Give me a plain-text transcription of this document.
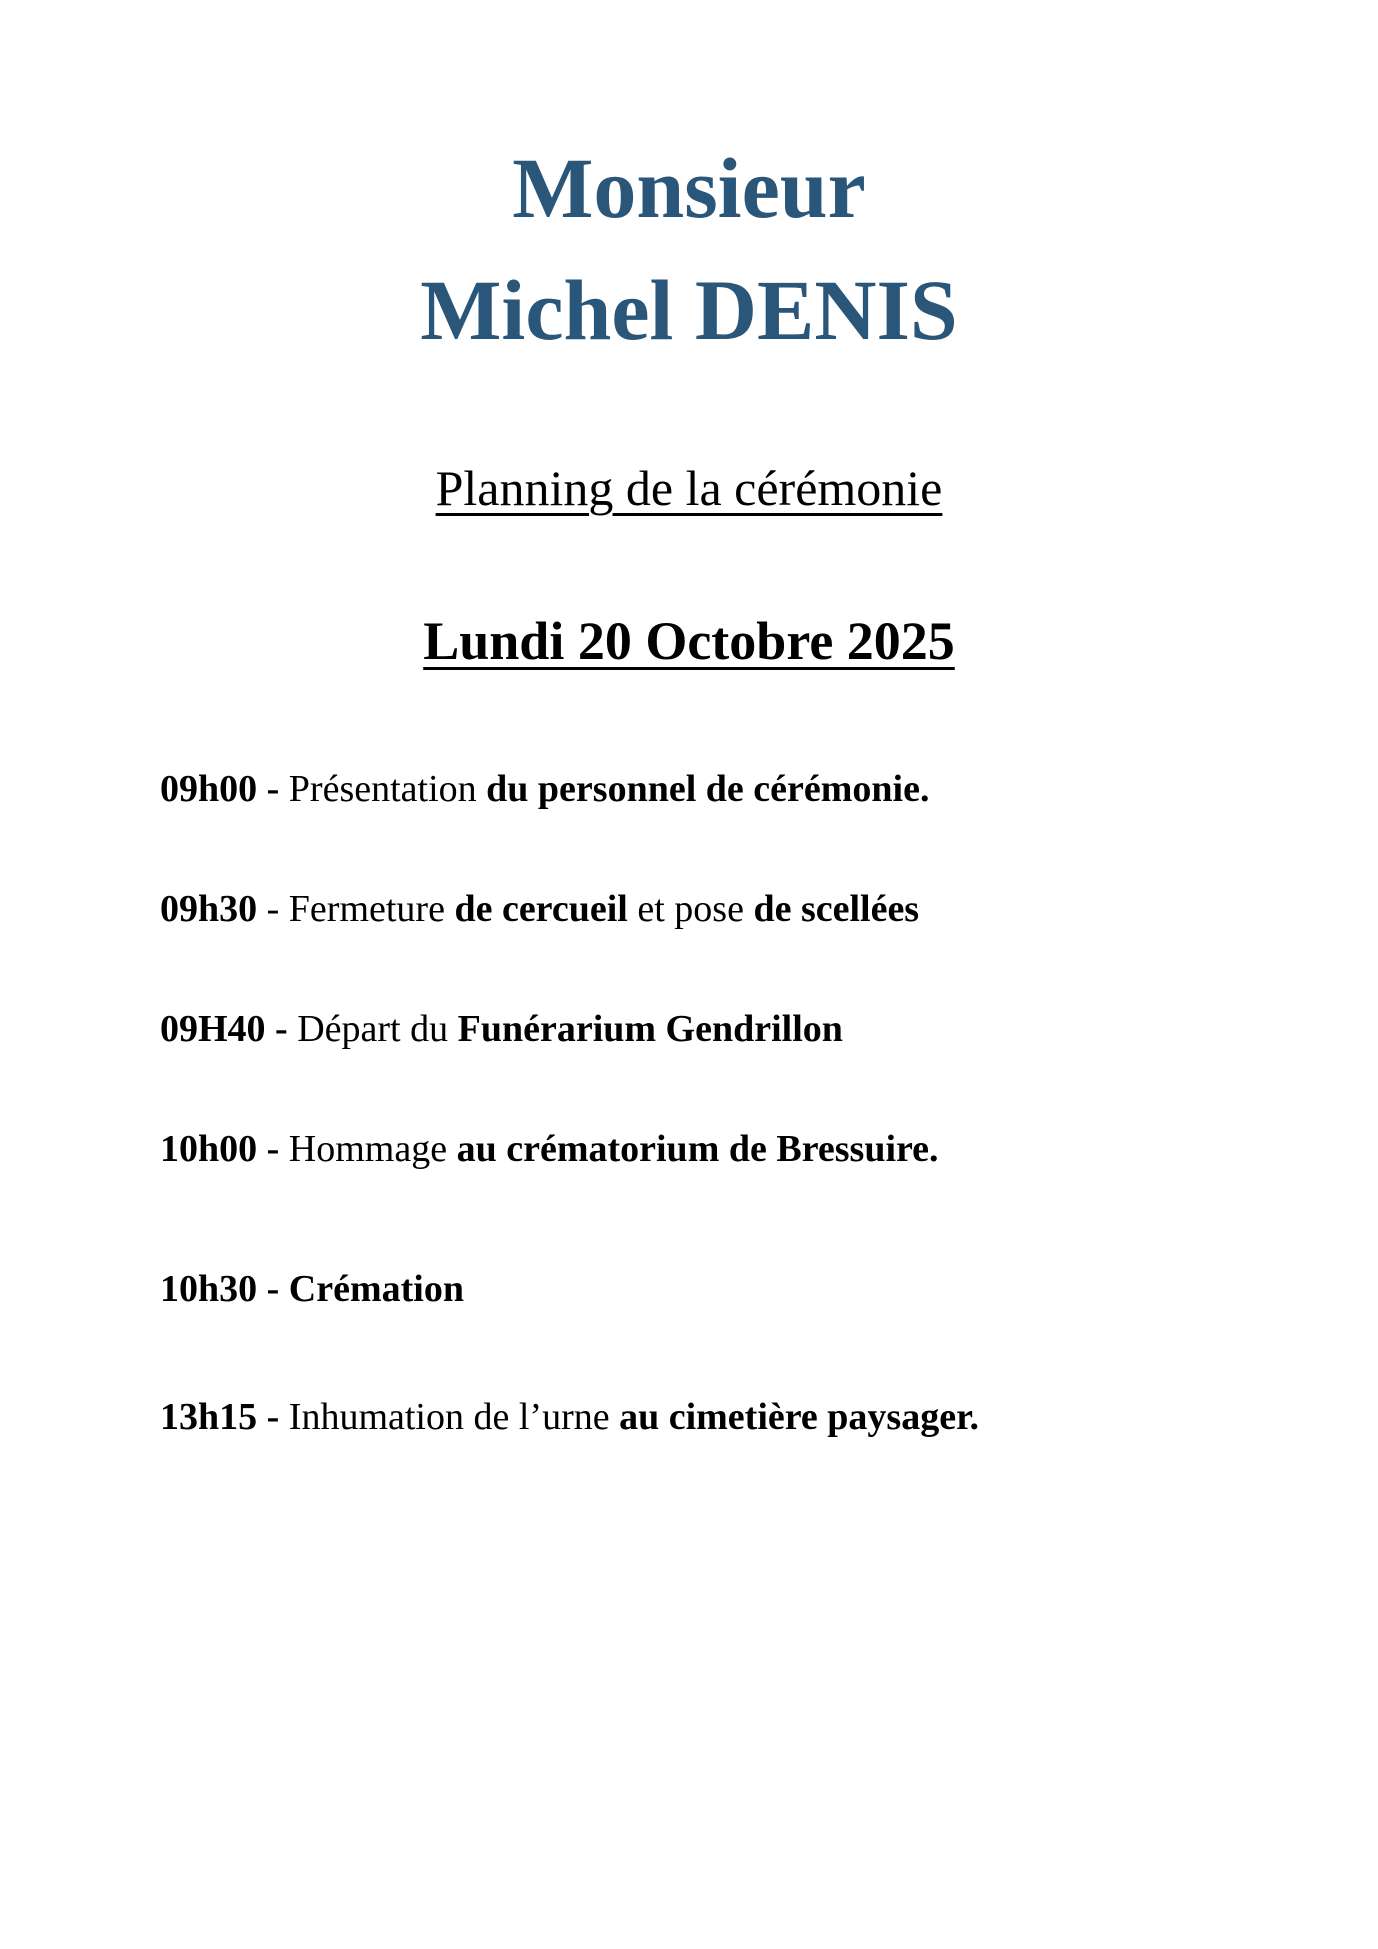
Monsieur
Michel DENIS
Planning de la cérémonie
Lundi 20 Octobre 2025
09h00 - Présentation du personnel de cérémonie.
09h30 - Fermeture de cercueil et pose de scellées
09H40 - Départ du Funérarium Gendrillon
10h00 - Hommage au crématorium de Bressuire.
10h30 - Crémation
13h15 - Inhumation de l’urne au cimetière paysager.
